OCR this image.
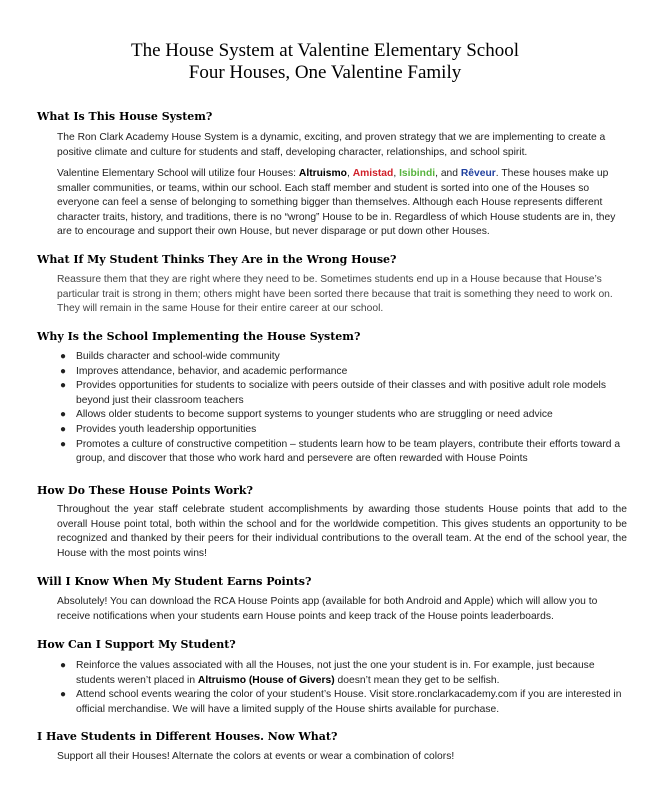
The House System at Valentine Elementary School
Four Houses, One Valentine Family
What Is This House System?

The Ron Clark Academy House System is a dynamic, exciting, and proven strategy that we are implementing to create a positive climate and culture for students and staff, developing character, relationships, and school spirit.

Valentine Elementary School will utilize four Houses: Altruismo, Amistad, Isibindi, and Rêveur. These houses make up smaller communities, or teams, within our school. Each staff member and student is sorted into one of the Houses so everyone can feel a sense of belonging to something bigger than themselves. Although each House represents different character traits, history, and traditions, there is no “wrong” House to be in. Regardless of which House students are in, they are to encourage and support their own House, but never disparage or put down other Houses.

What If My Student Thinks They Are in the Wrong House?

Reassure them that they are right where they need to be. Sometimes students end up in a House because that House’s particular trait is strong in them; others might have been sorted there because that trait is something they need to work on. They will remain in the same House for their entire career at our school.

Why Is the School Implementing the House System?
● Builds character and school-wide community
● Improves attendance, behavior, and academic performance
● Provides opportunities for students to socialize with peers outside of their classes and with positive adult role models beyond just their classroom teachers
● Allows older students to become support systems to younger students who are struggling or need advice
● Provides youth leadership opportunities
● Promotes a culture of constructive competition – students learn how to be team players, contribute their efforts toward a group, and discover that those who work hard and persevere are often rewarded with House Points
How Do These House Points Work?

Throughout the year staff celebrate student accomplishments by awarding those students House points that add to the overall House point total, both within the school and for the worldwide competition. This gives students an opportunity to be recognized and thanked by their peers for their individual contributions to the overall team. At the end of the school year, the House with the most points wins!

Will I Know When My Student Earns Points?

Absolutely! You can download the RCA House Points app (available for both Android and Apple) which will allow you to receive notifications when your students earn House points and keep track of the House points leaderboards.

How Can I Support My Student?
● Reinforce the values associated with all the Houses, not just the one your student is in. For example, just because students weren’t placed in Altruismo (House of Givers) doesn’t mean they get to be selfish.
● Attend school events wearing the color of your student’s House. Visit store.ronclarkacademy.com if you are interested in official merchandise. We will have a limited supply of the House shirts available for purchase.
I Have Students in Different Houses. Now What?

Support all their Houses! Alternate the colors at events or wear a combination of colors!
